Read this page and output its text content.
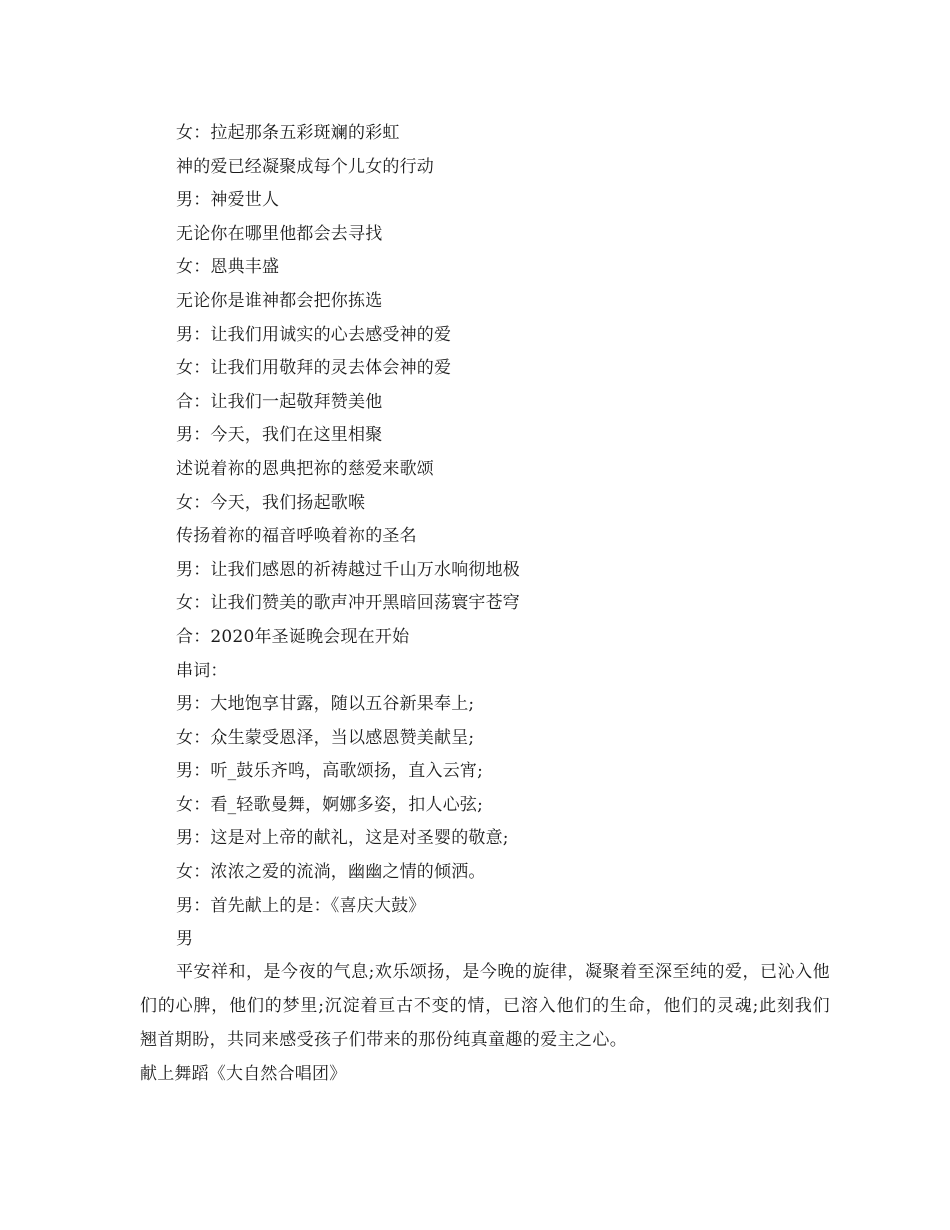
女：拉起那条五彩斑斓的彩虹
神的爱已经凝聚成每个儿女的行动
男：神爱世人
无论你在哪里他都会去寻找
女：恩典丰盛
无论你是谁神都会把你拣选
男：让我们用诚实的心去感受神的爱
女：让我们用敬拜的灵去体会神的爱
合：让我们一起敬拜赞美他
男：今天，我们在这里相聚
述说着祢的恩典把祢的慈爱来歌颂
女：今天，我们扬起歌喉
传扬着祢的福音呼唤着祢的圣名
男：让我们感恩的祈祷越过千山万水响彻地极
女：让我们赞美的歌声冲开黑暗回荡寰宇苍穹
合：2020年圣诞晚会现在开始
串词：
男：大地饱享甘露，随以五谷新果奉上;
女：众生蒙受恩泽，当以感恩赞美献呈;
男：听_鼓乐齐鸣，高歌颂扬，直入云宵;
女：看_轻歌曼舞，婀娜多姿，扣人心弦;
男：这是对上帝的献礼，这是对圣婴的敬意;
女：浓浓之爱的流淌，幽幽之情的倾洒。
男：首先献上的是：《喜庆大鼓》
男

平安祥和，是今夜的气息;欢乐颂扬，是今晚的旋律，凝聚着至深至纯的爱，已沁入他们的心脾，他们的梦里;沉淀着亘古不变的情，已溶入他们的生命，他们的灵魂;此刻我们翘首期盼，共同来感受孩子们带来的那份纯真童趣的爱主之心。

献上舞蹈《大自然合唱团》
